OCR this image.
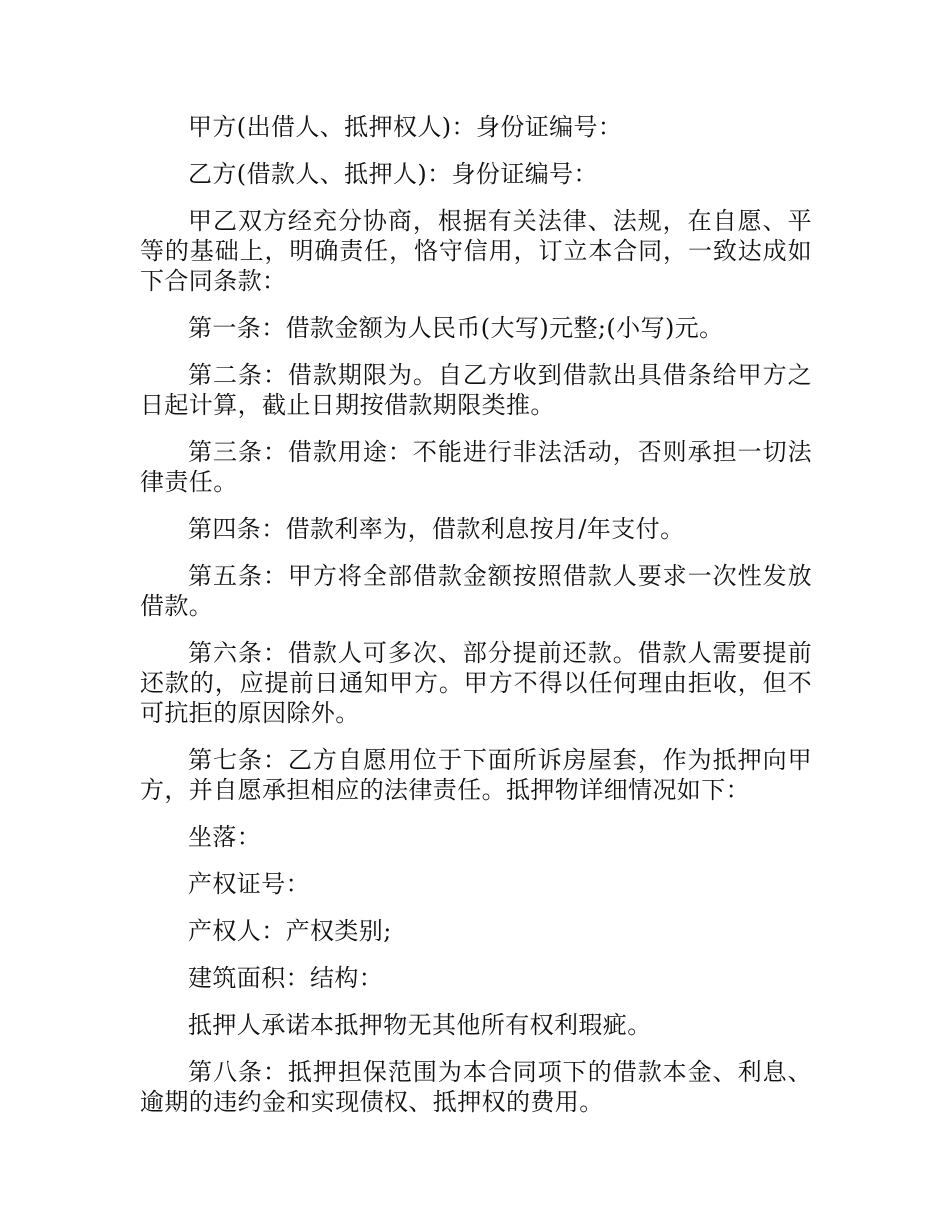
甲方(出借人、抵押权人)：身份证编号：

乙方(借款人、抵押人)：身份证编号：

甲乙双方经充分协商，根据有关法律、法规，在自愿、平等的基础上，明确责任，恪守信用，订立本合同，一致达成如下合同条款：

第一条：借款金额为人民币(大写)元整;(小写)元。

第二条：借款期限为。自乙方收到借款出具借条给甲方之日起计算，截止日期按借款期限类推。

第三条：借款用途：不能进行非法活动，否则承担一切法律责任。

第四条：借款利率为，借款利息按月/年支付。

第五条：甲方将全部借款金额按照借款人要求一次性发放借款。

第六条：借款人可多次、部分提前还款。借款人需要提前还款的，应提前日通知甲方。甲方不得以任何理由拒收，但不可抗拒的原因除外。

第七条：乙方自愿用位于下面所诉房屋套，作为抵押向甲方，并自愿承担相应的法律责任。抵押物详细情况如下：

坐落：

产权证号：

产权人：产权类别;

建筑面积：结构：

抵押人承诺本抵押物无其他所有权利瑕疵。

第八条：抵押担保范围为本合同项下的借款本金、利息、逾期的违约金和实现债权、抵押权的费用。
